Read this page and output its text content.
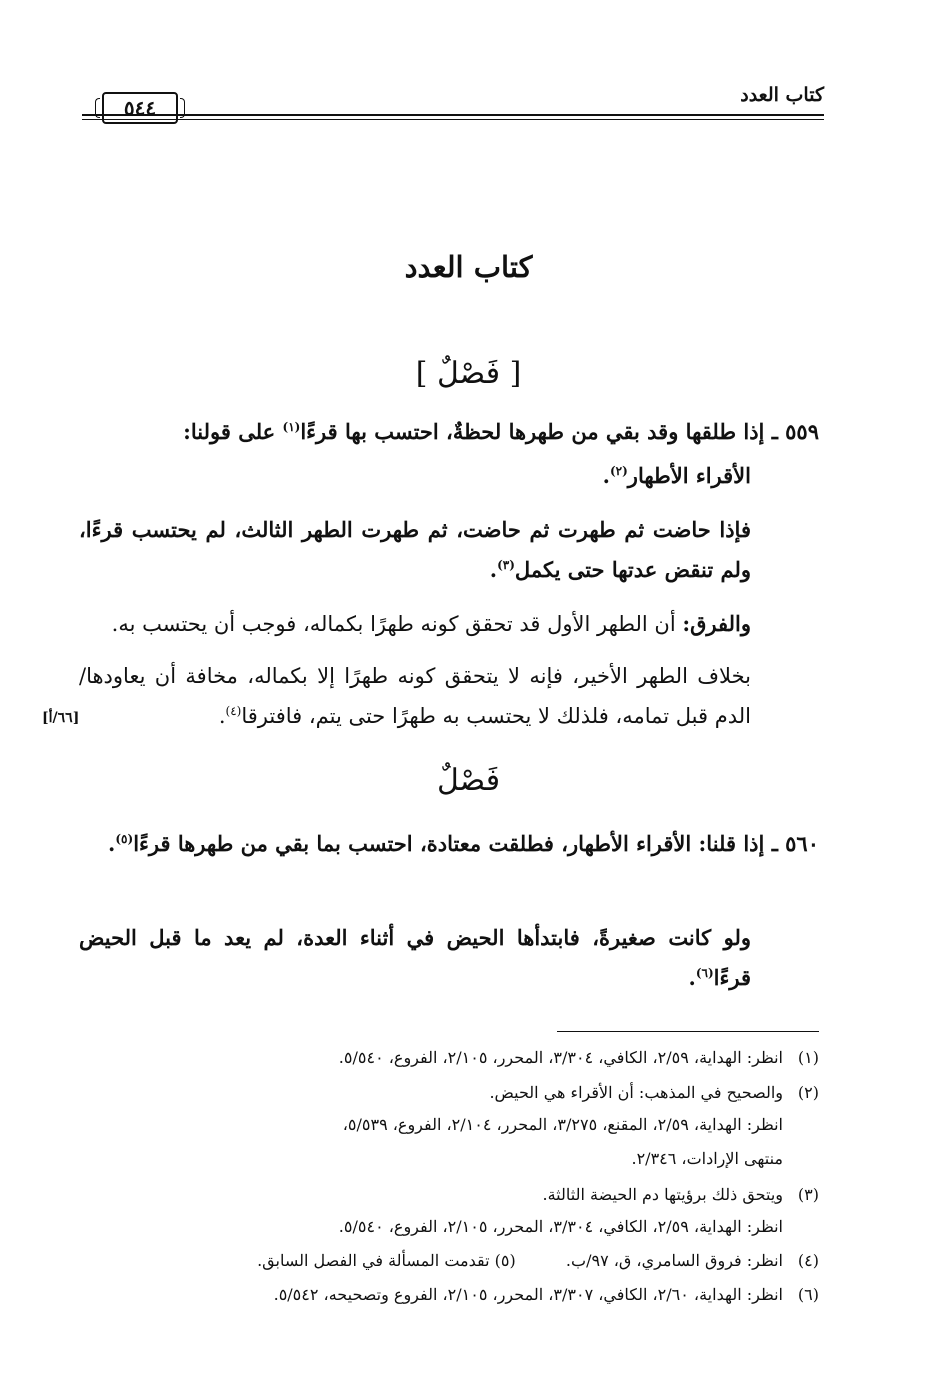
كتاب العدد
٥٤٤
كتاب العدد
[ فَصْلٌ ]
٥٥٩ ـ إذا طلقها وقد بقي من طهرها لحظةٌ، احتسب بها قرءًا$^{(١)}$ على قولنا:
الأقراء الأطهار$^{(٢)}$.
فإذا حاضت ثم طهرت ثم حاضت، ثم طهرت الطهر الثالث، لم يحتسب قرءًا، ولم تنقض عدتها حتى يكمل$^{(٣)}$.
والفرق: أن الطهر الأول قد تحقق كونه طهرًا بكماله، فوجب أن يحتسب به.
بخلاف الطهر الأخير، فإنه لا يتحقق كونه طهرًا إلا بكماله، مخافة أن يعاودها/ الدم قبل تمامه، فلذلك لا يحتسب به طهرًا حتى يتم، فافترقا$^{(٤)}$.
[٦٦/أ]
فَصْلٌ
٥٦٠ ـ إذا قلنا: الأقراء الأطهار، فطلقت معتادة، احتسب بما بقي من طهرها قرءًا$^{(٥)}$.
ولو كانت صغيرةً، فابتدأها الحيض في أثناء العدة، لم يعد ما قبل الحيض قرءًا$^{(٦)}$.
(١)انظر: الهداية، ٢/٥٩، الكافي، ٣/٣٠٤، المحرر، ٢/١٠٥، الفروع، ٥/٥٤٠.
(٢)والصحيح في المذهب: أن الأقراء هي الحيض.
انظر: الهداية، ٢/٥٩، المقنع، ٣/٢٧٥، المحرر، ٢/١٠٤، الفروع، ٥/٥٣٩،
منتهى الإرادات، ٢/٣٤٦.
(٣)ويتحق ذلك برؤيتها دم الحيضة الثالثة.
انظر: الهداية، ٢/٥٩، الكافي، ٣/٣٠٤، المحرر، ٢/١٠٥، الفروع، ٥/٥٤٠.
(٤)انظر: فروق السامري، ق، ٩٧/ب.  (٥) تقدمت المسألة في الفصل السابق.
(٦)انظر: الهداية، ٢/٦٠، الكافي، ٣/٣٠٧، المحرر، ٢/١٠٥، الفروع وتصحيحه، ٥/٥٤٢.
